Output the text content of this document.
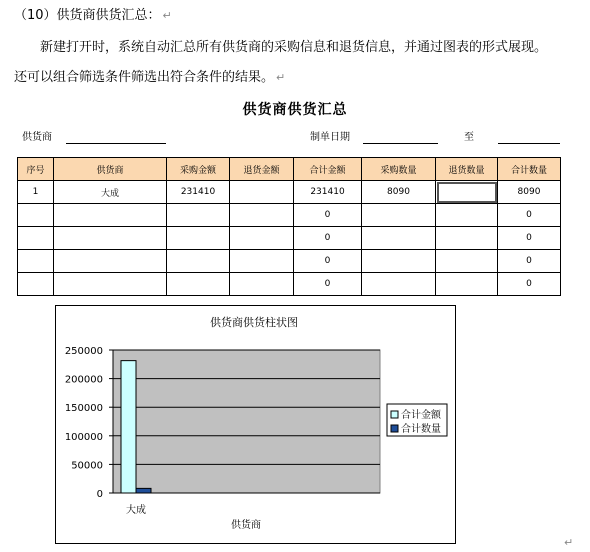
（10）供货商供货汇总： ↵
新建打开时，系统自动汇总所有供货商的采购信息和退货信息，并通过图表的形式展现。
还可以组合筛选条件筛选出符合条件的结果。 ↵
供货商供货汇总
供货商	制单日期	至
序号	供货商	采购金额	退货金额	合计金额	采购数量	退货数量	合计数量
1	大成	231410		231410	8090		8090
				0			0
				0			0
				0			0
				0			0
供货商供货柱状图
250000
200000
150000
100000
50000
0
大成
供货商
合计金额
合计数量
↵
